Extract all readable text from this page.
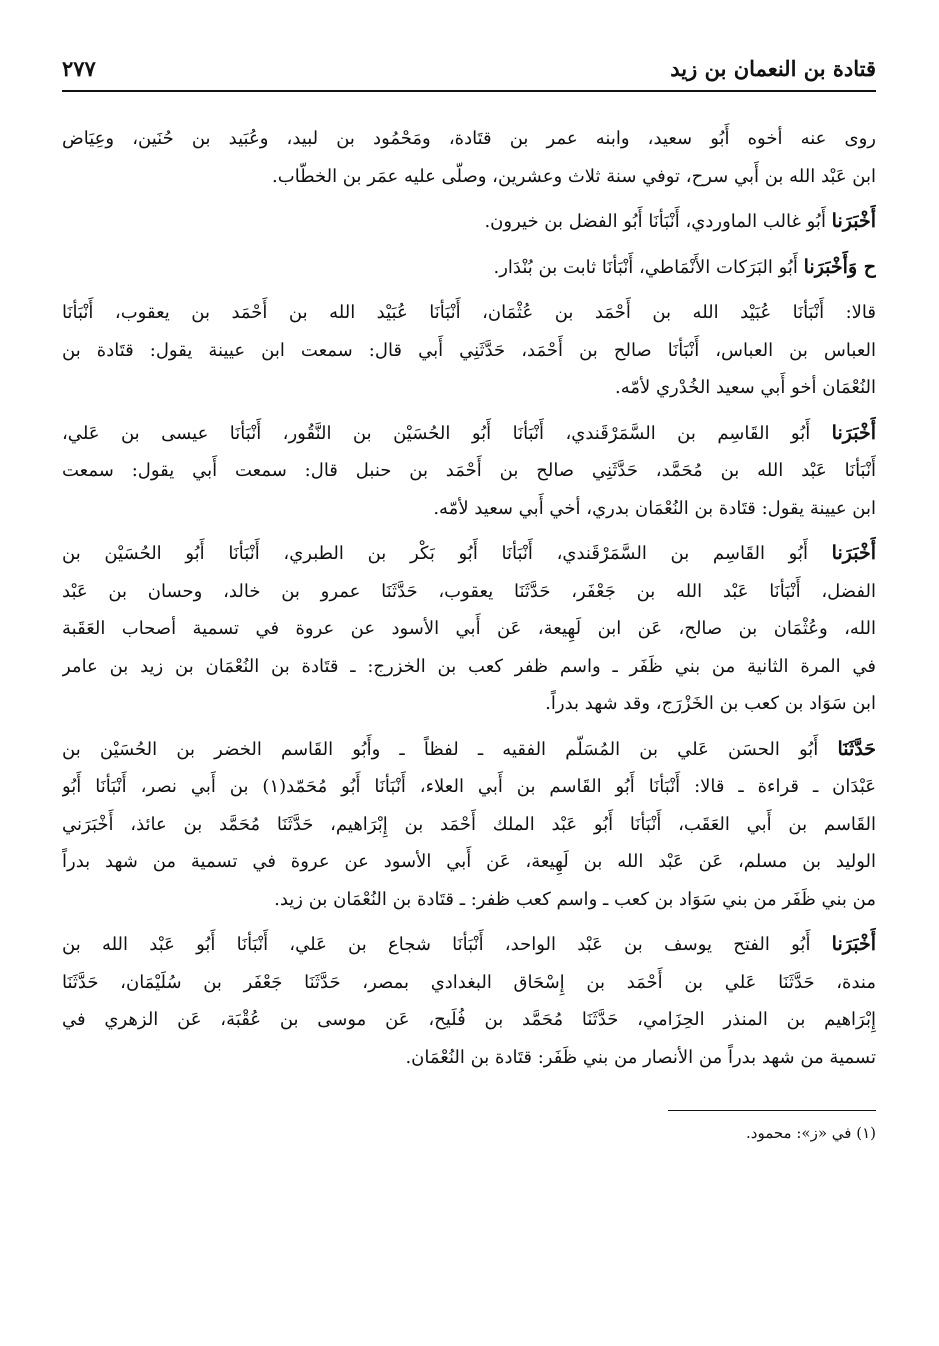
قتادة بن النعمان بن زيد
٢٧٧
روى عنه أخوه أَبُو سعيد، وابنه عمر بن قتَادة، ومَحْمُود بن لبيد، وعُبَيد بن حُنَين، وعِيَاض
ابن عَبْد الله بن أَبي سرح، توفي سنة ثلاث وعشرين، وصلّى عليه عمَر بن الخطّاب.
أَخْبَرَنا أَبُو غالب الماوردي، أَنْبَأنَا أَبُو الفضل بن خيرون.
ح وَأَخْبَرَنا أَبُو البَرَكات الأَنْمَاطي، أَنْبَأنَا ثابت بن بُنْدَار.
قالا: أَنْبَأنَا عُبَيْد الله بن أَحْمَد بن عُثْمَان، أَنْبَأنَا عُبَيْد الله بن أَحْمَد بن يعقوب، أَنْبَأنَا
العباس بن العباس، أَنْبَأنَا صالح بن أَحْمَد، حَدَّثَنِي أَبي قال: سمعت ابن عيينة يقول: قتَادة بن
النُعْمَان أخو أَبي سعيد الخُدْري لأمّه.
أَخْبَرَنا أَبُو القَاسِم بن السَّمَرْقَندي، أَنْبَأنَا أَبُو الحُسَيْن بن النَّقُور، أَنْبَأنَا عيسى بن عَلي،
أَنْبَأنَا عَبْد الله بن مُحَمَّد، حَدَّثَنِي صالح بن أَحْمَد بن حنبل قال: سمعت أَبي يقول: سمعت
ابن عيينة يقول: قتَادة بن النُعْمَان بدري، أخي أَبي سعيد لأمّه.
أَخْبَرَنا أَبُو القَاسِم بن السَّمَرْقَندي، أَنْبَأنَا أَبُو بَكْر بن الطبري، أَنْبَأنَا أَبُو الحُسَيْن بن
الفضل، أَنْبَأنَا عَبْد الله بن جَعْفَر، حَدَّثَنَا يعقوب، حَدَّثَنَا عمرو بن خالد، وحسان بن عَبْد
الله، وعُثْمَان بن صالح، عَن ابن لَهِيعة، عَن أَبي الأسود عن عروة في تسمية أصحاب العَقَبة
في المرة الثانية من بني ظَفَر ـ واسم ظفر كعب بن الخزرج: ـ قتَادة بن النُعْمَان بن زيد بن عامر
ابن سَوَاد بن كعب بن الخَزْرَج، وقد شهد بدراً.
حَدَّثَنَا أَبُو الحسَن عَلي بن المُسَلّم الفقيه ـ لفظاً ـ وأَبُو القَاسم الخضر بن الحُسَيْن بن
عَبْدَان ـ قراءة ـ قالا: أَنْبَأنَا أَبُو القَاسم بن أَبي العلاء، أَنْبَأنَا أَبُو مُحَمّد(١) بن أَبي نصر، أَنْبَأنَا أَبُو
القَاسم بن أَبي العَقَب، أَنْبَأنَا أَبُو عَبْد الملك أَحْمَد بن إِبْرَاهيم، حَدَّثَنَا مُحَمَّد بن عائذ، أَخْبَرَني
الوليد بن مسلم، عَن عَبْد الله بن لَهِيعة، عَن أَبي الأسود عن عروة في تسمية من شهد بدراً
من بني ظَفَر من بني سَوَاد بن كعب ـ واسم كعب ظفر: ـ قتَادة بن النُعْمَان بن زيد.
أَخْبَرَنا أَبُو الفتح يوسف بن عَبْد الواحد، أَنْبَأنَا شجاع بن عَلي، أَنْبَأنَا أَبُو عَبْد الله بن
مندة، حَدَّثَنَا عَلي بن أَحْمَد بن إِسْحَاق البغدادي بمصر، حَدَّثَنَا جَعْفَر بن سُلَيْمَان، حَدَّثَنَا
إِبْرَاهيم بن المنذر الحِزَامي، حَدَّثَنَا مُحَمَّد بن فُلَيح، عَن موسى بن عُقْبَة، عَن الزهري في
تسمية من شهد بدراً من الأنصار من بني ظَفَر: قتَادة بن النُعْمَان.
(١) في «ز»: محمود.
